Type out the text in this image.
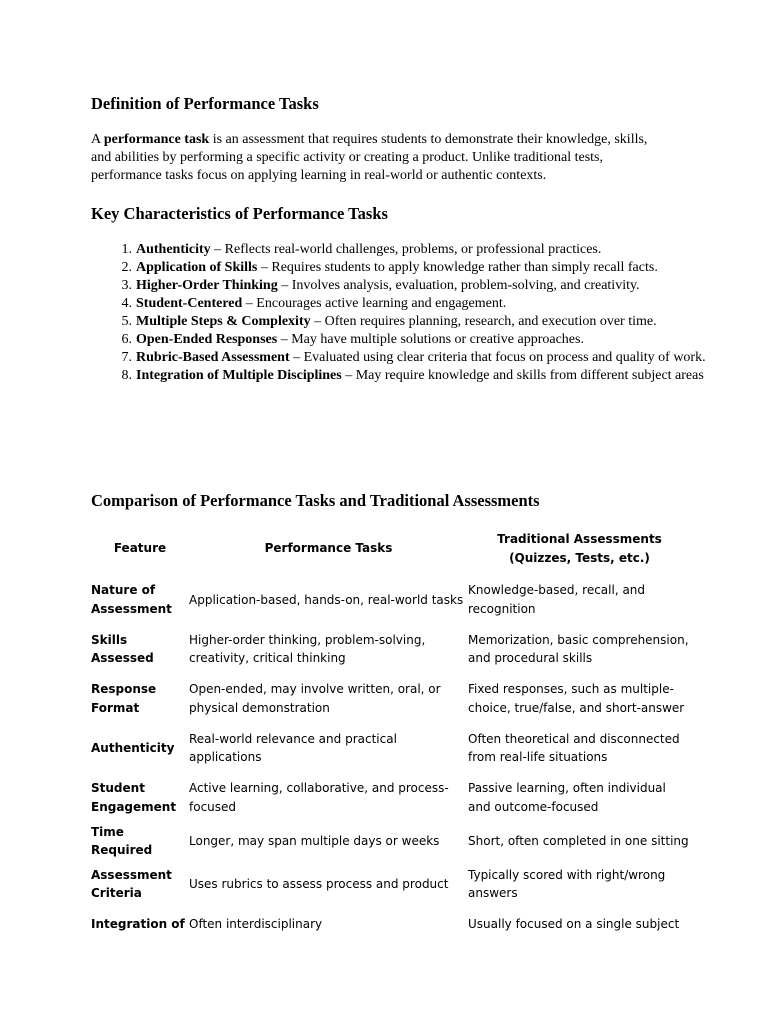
Definition of Performance Tasks

A performance task is an assessment that requires students to demonstrate their knowledge, skills, and abilities by performing a specific activity or creating a product. Unlike traditional tests, performance tasks focus on applying learning in real-world or authentic contexts.

Key Characteristics of Performance Tasks
1. Authenticity – Reflects real-world challenges, problems, or professional practices.
2. Application of Skills – Requires students to apply knowledge rather than simply recall facts.
3. Higher-Order Thinking – Involves analysis, evaluation, problem-solving, and creativity.
4. Student-Centered – Encourages active learning and engagement.
5. Multiple Steps & Complexity – Often requires planning, research, and execution over time.
6. Open-Ended Responses – May have multiple solutions or creative approaches.
7. Rubric-Based Assessment – Evaluated using clear criteria that focus on process and quality of work.
8. Integration of Multiple Disciplines – May require knowledge and skills from different subject areas
Comparison of Performance Tasks and Traditional Assessments
Feature	Performance Tasks	Traditional Assessments (Quizzes, Tests, etc.)
Nature of Assessment	Application-based, hands-on, real-world tasks	Knowledge-based, recall, and recognition
Skills Assessed	Higher-order thinking, problem-solving, creativity, critical thinking	Memorization, basic comprehension, and procedural skills
Response Format	Open-ended, may involve written, oral, or physical demonstration	Fixed responses, such as multiple-choice, true/false, and short-answer
Authenticity	Real-world relevance and practical applications	Often theoretical and disconnected from real-life situations
Student Engagement	Active learning, collaborative, and process-focused	Passive learning, often individual and outcome-focused
Time Required	Longer, may span multiple days or weeks	Short, often completed in one sitting
Assessment Criteria	Uses rubrics to assess process and product	Typically scored with right/wrong answers
Integration of	Often interdisciplinary	Usually focused on a single subject
